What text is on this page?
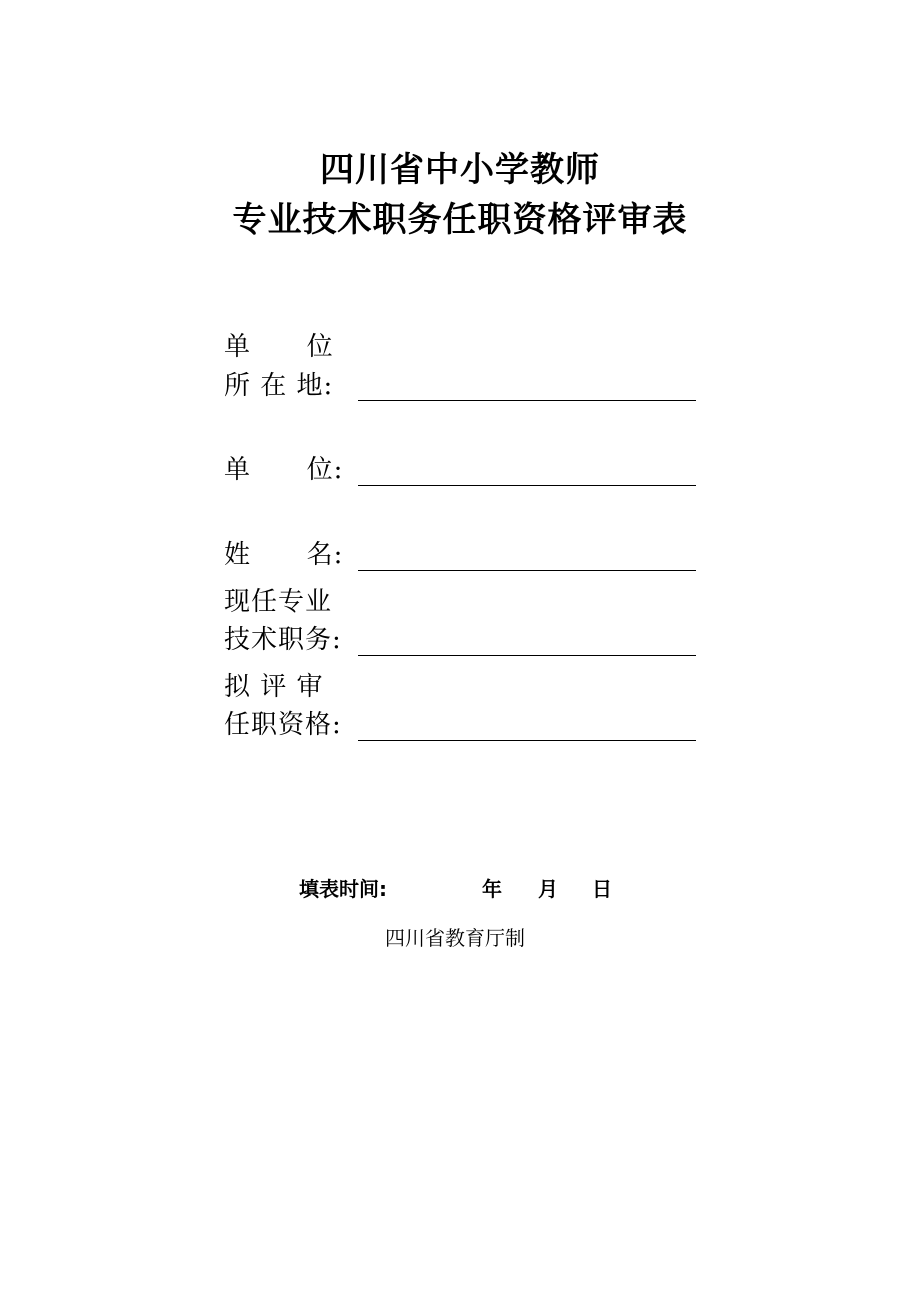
四川省中小学教师
专业技术职务任职资格评审表
单      位
所 在 地:
单      位:
姓      名:
现任专业
技术职务:
拟 评 审
任职资格:
填表时间:	年 月 日
四川省教育厅制
